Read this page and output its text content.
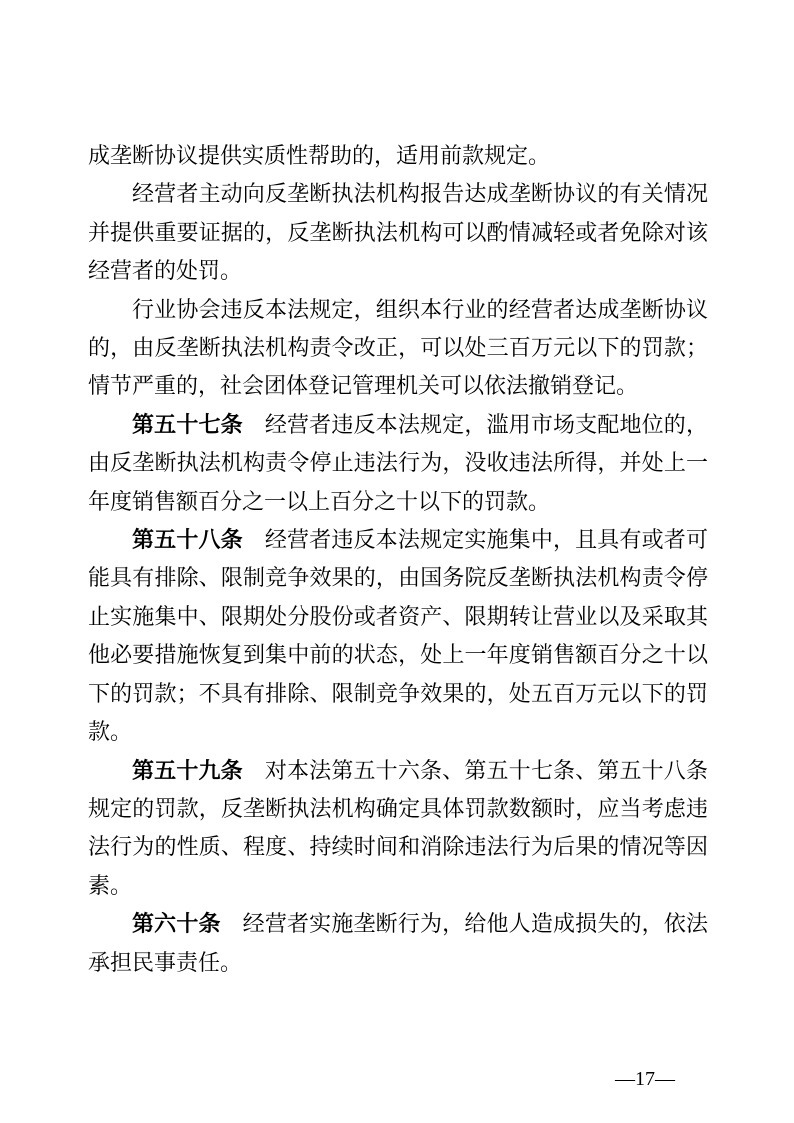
成垄断协议提供实质性帮助的，适用前款规定。

经营者主动向反垄断执法机构报告达成垄断协议的有关情况并提供重要证据的，反垄断执法机构可以酌情减轻或者免除对该经营者的处罚。

行业协会违反本法规定，组织本行业的经营者达成垄断协议的，由反垄断执法机构责令改正，可以处三百万元以下的罚款；情节严重的，社会团体登记管理机关可以依法撤销登记。

第五十七条 经营者违反本法规定，滥用市场支配地位的，由反垄断执法机构责令停止违法行为，没收违法所得，并处上一年度销售额百分之一以上百分之十以下的罚款。

第五十八条 经营者违反本法规定实施集中，且具有或者可能具有排除、限制竞争效果的，由国务院反垄断执法机构责令停止实施集中、限期处分股份或者资产、限期转让营业以及采取其他必要措施恢复到集中前的状态，处上一年度销售额百分之十以下的罚款；不具有排除、限制竞争效果的，处五百万元以下的罚款。

第五十九条 对本法第五十六条、第五十七条、第五十八条规定的罚款，反垄断执法机构确定具体罚款数额时，应当考虑违法行为的性质、程度、持续时间和消除违法行为后果的情况等因素。

第六十条 经营者实施垄断行为，给他人造成损失的，依法承担民事责任。

—17—
